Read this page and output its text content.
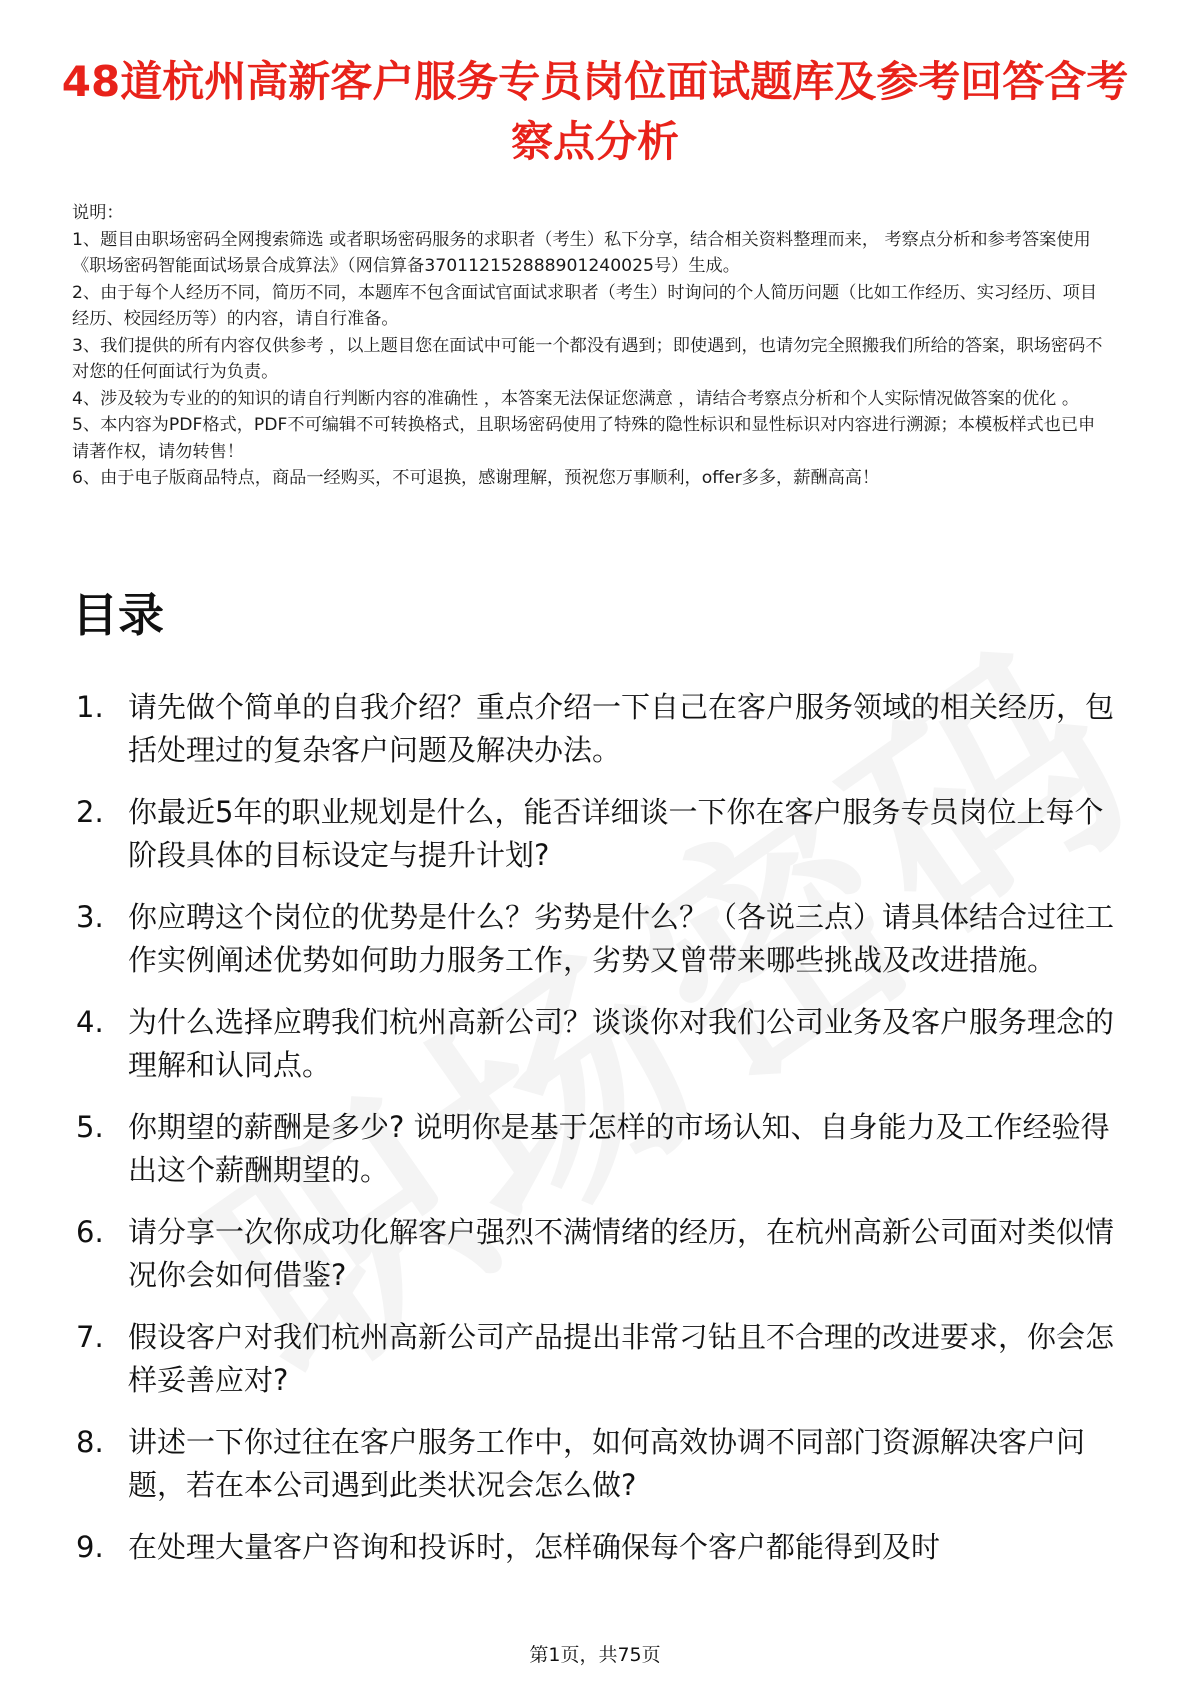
48道杭州高新客户服务专员岗位面试题库及参考回答含考察点分析

说明：

1、题目由职场密码全网搜索筛选 或者职场密码服务的求职者（考生）私下分享，结合相关资料整理而来， 考察点分析和参考答案使用《职场密码智能面试场景合成算法》（网信算备370112152888901240025号）生成。

2、由于每个人经历不同，简历不同，本题库不包含面试官面试求职者（考生）时询问的个人简历问题（比如工作经历、实习经历、项目经历、校园经历等）的内容，请自行准备。

3、我们提供的所有内容仅供参考 ，以上题目您在面试中可能一个都没有遇到；即使遇到，也请勿完全照搬我们所给的答案，职场密码不对您的任何面试行为负责。

4、涉及较为专业的的知识的请自行判断内容的准确性 ，本答案无法保证您满意 ，请结合考察点分析和个人实际情况做答案的优化 。

5、本内容为PDF格式，PDF不可编辑不可转换格式，且职场密码使用了特殊的隐性标识和显性标识对内容进行溯源；本模板样式也已申请著作权，请勿转售！

6、由于电子版商品特点，商品一经购买，不可退换，感谢理解，预祝您万事顺利，offer多多，薪酬高高！

目录
1. 请先做个简单的自我介绍？重点介绍一下自己在客户服务领域的相关经历，包括处理过的复杂客户问题及解决办法。
2. 你最近5年的职业规划是什么，能否详细谈一下你在客户服务专员岗位上每个阶段具体的目标设定与提升计划?
3. 你应聘这个岗位的优势是什么？劣势是什么？（各说三点）请具体结合过往工作实例阐述优势如何助力服务工作，劣势又曾带来哪些挑战及改进措施。
4. 为什么选择应聘我们杭州高新公司？谈谈你对我们公司业务及客户服务理念的理解和认同点。
5. 你期望的薪酬是多少? 说明你是基于怎样的市场认知、自身能力及工作经验得出这个薪酬期望的。
6. 请分享一次你成功化解客户强烈不满情绪的经历，在杭州高新公司面对类似情况你会如何借鉴?
7. 假设客户对我们杭州高新公司产品提出非常刁钻且不合理的改进要求，你会怎样妥善应对?
8. 讲述一下你过往在客户服务工作中，如何高效协调不同部门资源解决客户问题，若在本公司遇到此类状况会怎么做?
9. 在处理大量客户咨询和投诉时，怎样确保每个客户都能得到及时
第1页，共75页
